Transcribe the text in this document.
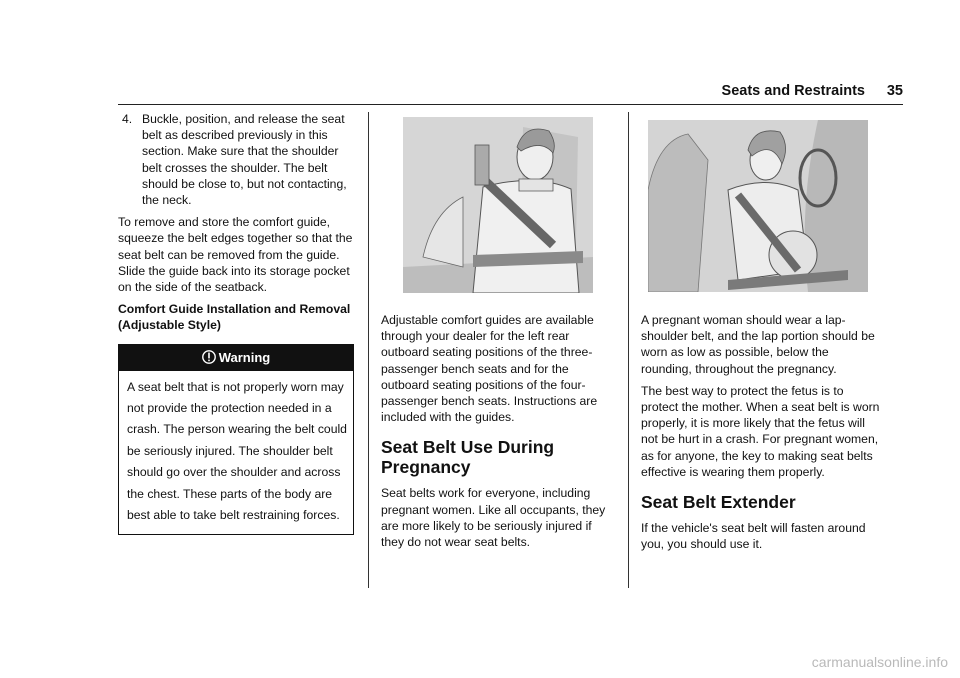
Seats and Restraints 35
4. Buckle, position, and release the seat belt as described previously in this section. Make sure that the shoulder belt crosses the shoulder. The belt should be close to, but not contacting, the neck.

To remove and store the comfort guide, squeeze the belt edges together so that the seat belt can be removed from the guide. Slide the guide back into its storage pocket on the side of the seatback.

Comfort Guide Installation and Removal (Adjustable Style)
Warning
A seat belt that is not properly worn may not provide the protection needed in a crash. The person wearing the belt could be seriously injured. The shoulder belt should go over the shoulder and across the chest. These parts of the body are best able to take belt restraining forces.

Adjustable comfort guides are available through your dealer for the left rear outboard seating positions of the three-passenger bench seats and for the outboard seating positions of the four-passenger bench seats. Instructions are included with the guides.

Seat Belt Use During Pregnancy

Seat belts work for everyone, including pregnant women. Like all occupants, they are more likely to be seriously injured if they do not wear seat belts.

A pregnant woman should wear a lap-shoulder belt, and the lap portion should be worn as low as possible, below the rounding, throughout the pregnancy.

The best way to protect the fetus is to protect the mother. When a seat belt is worn properly, it is more likely that the fetus will not be hurt in a crash. For pregnant women, as for anyone, the key to making seat belts effective is wearing them properly.

Seat Belt Extender

If the vehicle's seat belt will fasten around you, you should use it.

carmanualsonline.info
